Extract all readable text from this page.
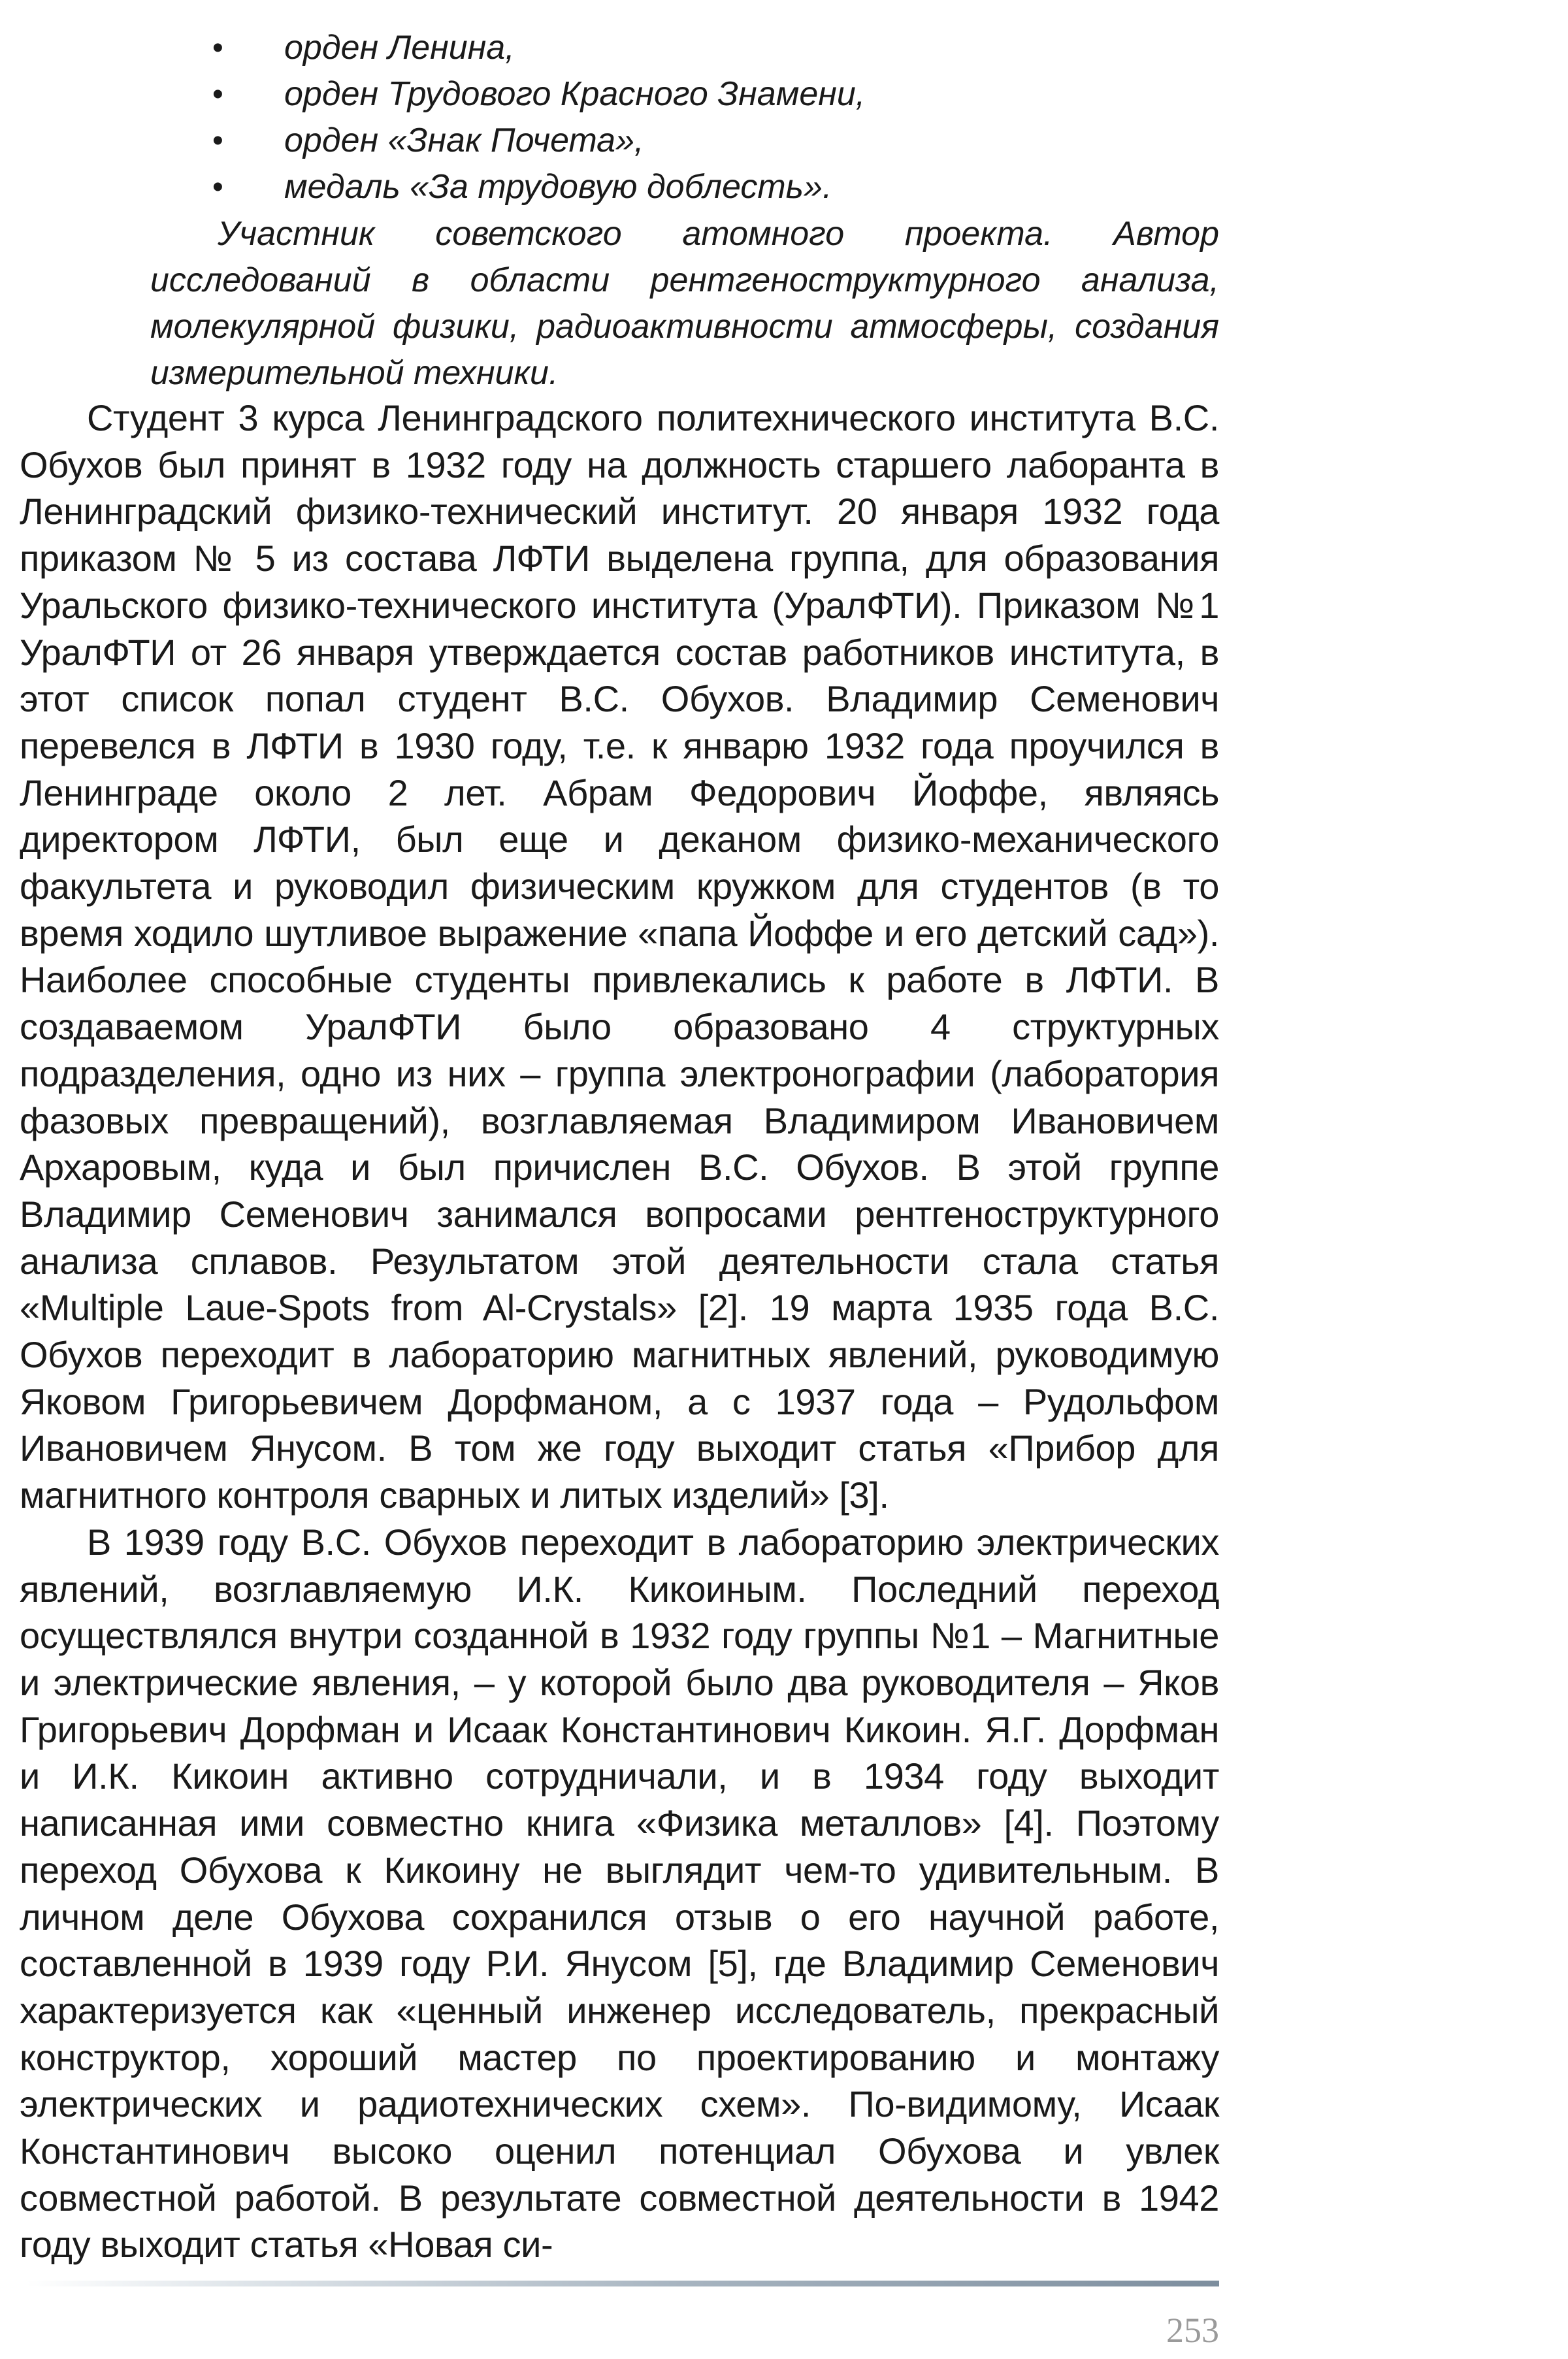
• орден Ленина,
• орден Трудового Красного Знамени,
• орден «Знак Почета»,
• медаль «За трудовую доблесть».

Участник советского атомного проекта. Автор исследований в области рентгеноструктурного анализа, молекулярной физики, радиоактивности атмосферы, создания измерительной техники.

Студент 3 курса Ленинградского политехнического института В.С. Обухов был принят в 1932 году на должность старшего лаборанта в Ленинградский физико-технический институт. 20 января 1932 года приказом № 5 из состава ЛФТИ выделена группа, для образования Уральского физико-технического института (УралФТИ). Приказом №1 УралФТИ от 26 января утверждается состав работников института, в этот список попал студент В.С. Обухов. Владимир Семенович перевелся в ЛФТИ в 1930 году, т.е. к январю 1932 года проучился в Ленинграде около 2 лет. Абрам Федорович Йоффе, являясь директором ЛФТИ, был еще и деканом физико-механического факультета и руководил физическим кружком для студентов (в то время ходило шутливое выражение «папа Йоффе и его детский сад»). Наиболее способные студенты привлекались к работе в ЛФТИ. В создаваемом УралФТИ было образовано 4 структурных подразделения, одно из них – группа электронографии (лаборатория фазовых превращений), возглавляемая Владимиром Ивановичем Архаровым, куда и был причислен В.С. Обухов. В этой группе Владимир Семенович занимался вопросами рентгеноструктурного анализа сплавов. Результатом этой деятельности стала статья «Multiple Laue-Spots from Al-Crystals» [2]. 19 марта 1935 года В.С. Обухов переходит в лабораторию магнитных явлений, руководимую Яковом Григорьевичем Дорфманом, а с 1937 года – Рудольфом Ивановичем Янусом. В том же году выходит статья «Прибор для магнитного контроля сварных и литых изделий» [3].

В 1939 году В.С. Обухов переходит в лабораторию электрических явлений, возглавляемую И.К. Кикоиным. Последний переход осуществлялся внутри созданной в 1932 году группы №1 – Магнитные и электрические явления, – у которой было два руководителя – Яков Григорьевич Дорфман и Исаак Константинович Кикоин. Я.Г. Дорфман и И.К. Кикоин активно сотрудничали, и в 1934 году выходит написанная ими совместно книга «Физика металлов» [4]. Поэтому переход Обухова к Кикоину не выглядит чем-то удивительным. В личном деле Обухова сохранился отзыв о его научной работе, составленной в 1939 году Р.И. Янусом [5], где Владимир Семенович характеризуется как «ценный инженер исследователь, прекрасный конструктор, хороший мастер по проектированию и монтажу электрических и радиотехнических схем». По-видимому, Исаак Константинович высоко оценил потенциал Обухова и увлек совместной работой. В результате совместной деятельности в 1942 году выходит статья «Новая си-

253
